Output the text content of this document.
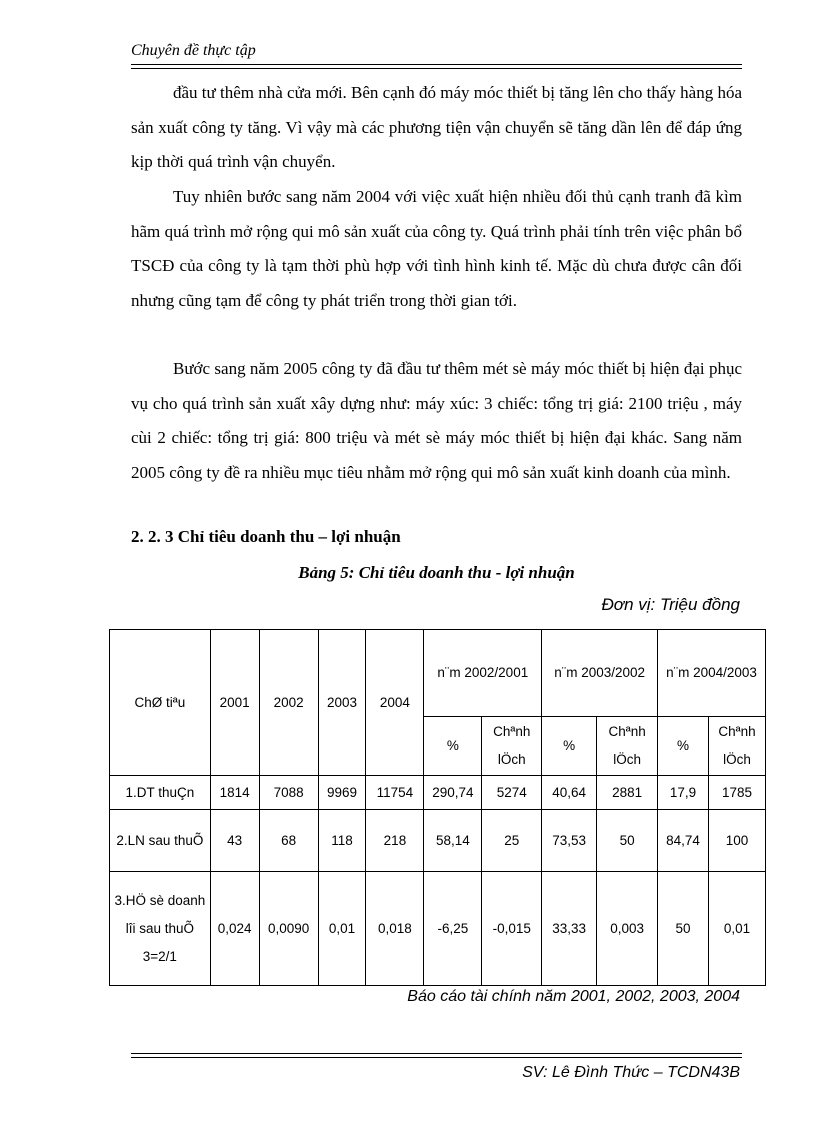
Chuyên đề thực tập

đầu tư thêm nhà cửa mới. Bên cạnh đó máy móc thiết bị tăng lên cho thấy hàng hóa sản xuất công ty tăng. Vì vậy mà các phương tiện vận chuyển sẽ tăng dần lên để đáp ứng kịp thời quá trình vận chuyển.

Tuy nhiên bước sang năm 2004 với việc xuất hiện nhiều đối thủ cạnh tranh đã kìm hãm quá trình mở rộng qui mô sản xuất của công ty. Quá trình phải tính trên việc phân bổ TSCĐ của công ty là tạm thời phù hợp với tình hình kinh tế. Mặc dù chưa được cân đối nhưng cũng tạm để công ty phát triển trong thời gian tới.

Bước sang năm 2005 công ty đã đầu tư thêm mét sè máy móc thiết bị hiện đại phục vụ cho quá trình sản xuất xây dựng như: máy xúc: 3 chiếc: tổng trị giá: 2100 triệu , máy cùi 2 chiếc: tổng trị giá: 800 triệu và mét sè máy móc thiết bị hiện đại khác. Sang năm 2005 công ty đề ra nhiều mục tiêu nhằm mở rộng qui mô sản xuất kinh doanh của mình.

2. 2. 3 Chỉ tiêu doanh thu – lợi nhuận
Bảng 5: Chỉ tiêu doanh thu - lợi nhuận
Đơn vị: Triệu đồng
ChØ tiªu	2001	2002	2003	2004	n¨m 2002/2001		n¨m 2003/2002		n¨m 2004/2003	
					%	Chªnh lÖch	%	Chªnh lÖch	%	Chªnh lÖch
1.DT thuÇn	1814	7088	9969	11754	290,74	5274	40,64	2881	17,9	1785
2.LN sau thuÕ	43	68	118	218	58,14	25	73,53	50	84,74	100
3.HÖ sè doanh lîi sau thuÕ 3=2/1	0,024	0,0090	0,01	0,018	-6,25	-0,015	33,33	0,003	50	0,01
Báo cáo tài chính năm 2001, 2002, 2003, 2004
SV: Lê Đình Thức – TCDN43B
